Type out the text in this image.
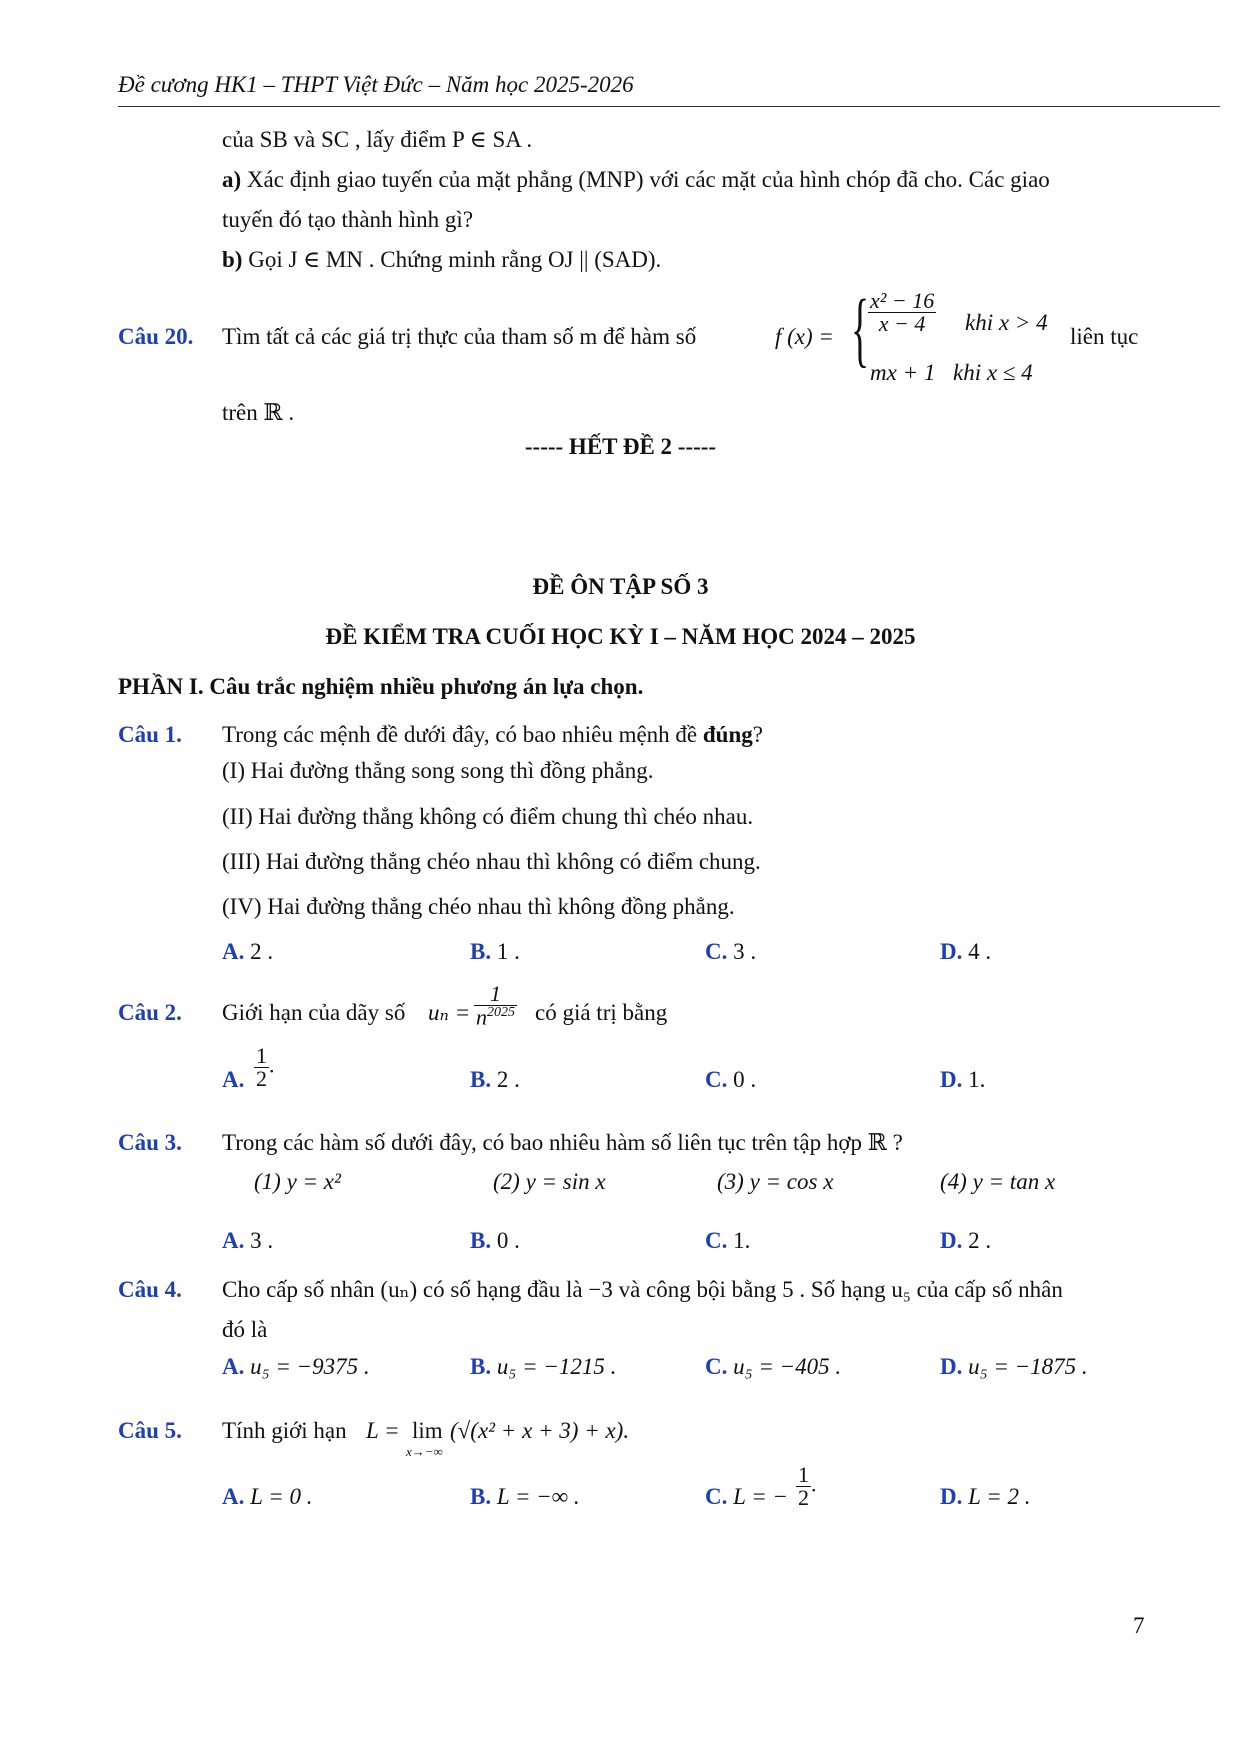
Đề cương HK1 – THPT Việt Đức – Năm học 2025-2026
của SB và SC , lấy điểm P ∈ SA .
a) Xác định giao tuyến của mặt phẳng (MNP) với các mặt của hình chóp đã cho. Các giao
tuyến đó tạo thành hình gì?
b) Gọi J ∈ MN . Chứng minh rằng OJ || (SAD).
Câu 20. Tìm tất cả các giá trị thực của tham số m để hàm số	f (x) = {
$\frac{\text{x² − 16}}{x - 4}$ khi x > 4
mx + 1 khi x ≤ 4
liên tục
trên ℝ .
----- HẾT ĐỀ 2 -----
ĐỀ ÔN TẬP SỐ 3
ĐỀ KIỂM TRA CUỐI HỌC KỲ I – NĂM HỌC 2024 – 2025
PHẦN I. Câu trắc nghiệm nhiều phương án lựa chọn.
Câu 1. Trong các mệnh đề dưới đây, có bao nhiêu mệnh đề đúng?
(I) Hai đường thẳng song song thì đồng phẳng.
(II) Hai đường thẳng không có điểm chung thì chéo nhau.
(III) Hai đường thẳng chéo nhau thì không có điểm chung.
(IV) Hai đường thẳng chéo nhau thì không đồng phẳng.
A. 2 .	B. 1 .	C. 3 .	D. 4 .
Câu 2. Giới hạn của dãy số $u_n = \frac{1}{n^{2025}}$ có giá trị bằng
A. $\frac{1}{2}$ .
B. 2 .	C. 0 .	D. 1.
Câu 3. Trong các hàm số dưới đây, có bao nhiêu hàm số liên tục trên tập hợp ℝ ?
(1) y = x²	(2) y = sin x	(3) y = cos x	(4) y = tan x
A. 3 .	B. 0 .	C. 1.	D. 2 .
Câu 4. Cho cấp số nhân (uₙ) có số hạng đầu là −3 và công bội bằng 5 . Số hạng u₅ của cấp số nhân
đó là
A. u₅ = −9375 .	B. u₅ = −1215 .	C. u₅ = −405 .	D. u₅ = −1875 .
Câu 5. Tính giới hạn L = lim
x→−∞
(√(x² + x + 3) + x).
A. L = 0 .	B. L = −∞ .	C. L = − $\frac{1}{2}$ .	D. L = 2 .
7
